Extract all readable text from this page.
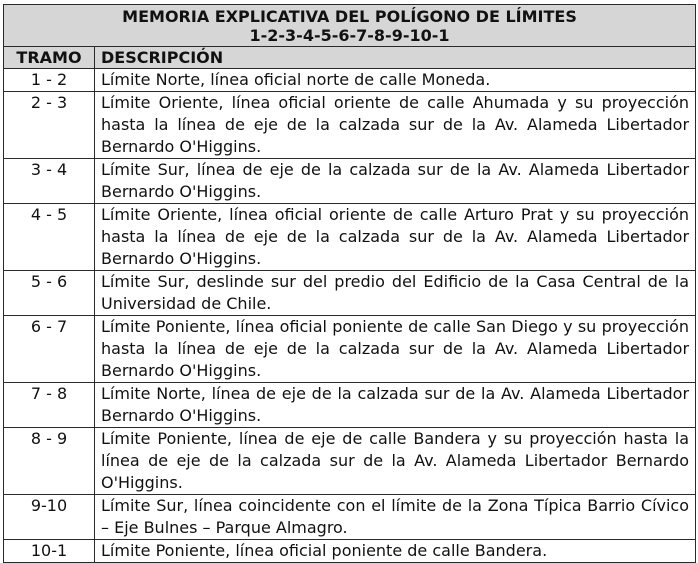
MEMORIA EXPLICATIVA DEL POLÍGONO DE LÍMITES
1-2-3-4-5-6-7-8-9-10-1	

TRAMO	DESCRIPCIÓN
1 - 2	Límite Norte, línea oficial norte de calle Moneda.
2 - 3	Límite Oriente, línea oficial oriente de calle Ahumada y su proyección hasta la línea de eje de la calzada sur de la Av. Alameda Libertador Bernardo O'Higgins.
3 - 4	Límite Sur, línea de eje de la calzada sur de la Av. Alameda Libertador Bernardo O'Higgins.
4 - 5	Límite Oriente, línea oficial oriente de calle Arturo Prat y su proyección hasta la línea de eje de la calzada sur de la Av. Alameda Libertador Bernardo O'Higgins.
5 - 6	Límite Sur, deslinde sur del predio del Edificio de la Casa Central de la Universidad de Chile.
6 - 7	Límite Poniente, línea oficial poniente de calle San Diego y su proyección hasta la línea de eje de la calzada sur de la Av. Alameda Libertador Bernardo O'Higgins.
7 - 8	Límite Norte, línea de eje de la calzada sur de la Av. Alameda Libertador Bernardo O'Higgins.
8 - 9	Límite Poniente, línea de eje de calle Bandera y su proyección hasta la línea de eje de la calzada sur de la Av. Alameda Libertador Bernardo O'Higgins.
9-10	Límite Sur, línea coincidente con el límite de la Zona Típica Barrio Cívico – Eje Bulnes – Parque Almagro.
10-1	Límite Poniente, línea oficial poniente de calle Bandera.
